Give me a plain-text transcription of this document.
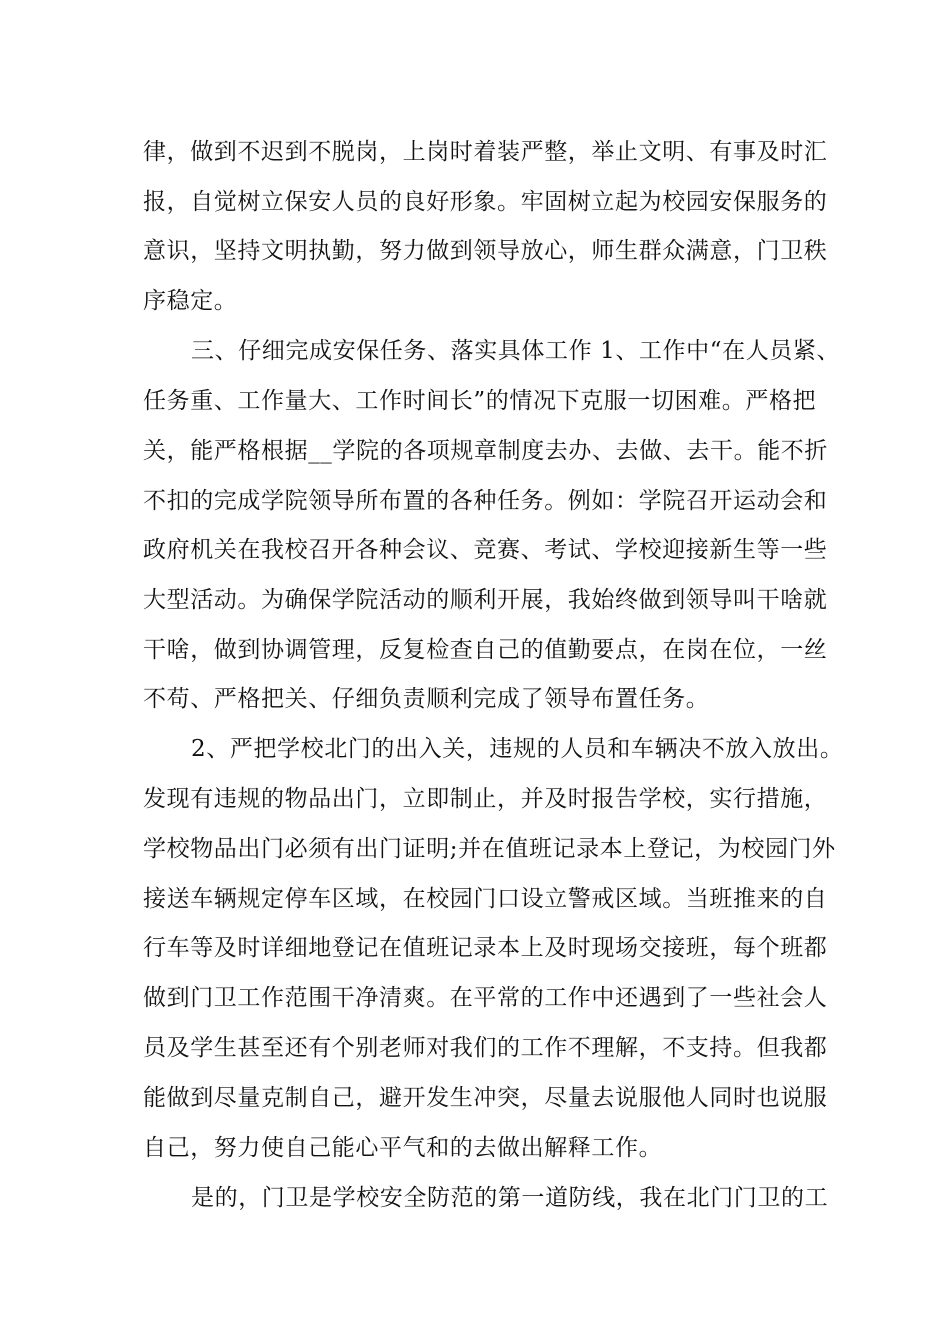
律，做到不迟到不脱岗，上岗时着装严整，举止文明、有事及时汇
报，自觉树立保安人员的良好形象。牢固树立起为校园安保服务的
意识，坚持文明执勤，努力做到领导放心，师生群众满意，门卫秩
序稳定。
三、仔细完成安保任务、落实具体工作 1、工作中“在人员紧、
任务重、工作量大、工作时间长”的情况下克服一切困难。严格把
关，能严格根据__学院的各项规章制度去办、去做、去干。能不折
不扣的完成学院领导所布置的各种任务。例如：学院召开运动会和
政府机关在我校召开各种会议、竞赛、考试、学校迎接新生等一些
大型活动。为确保学院活动的顺利开展，我始终做到领导叫干啥就
干啥，做到协调管理，反复检查自己的值勤要点，在岗在位，一丝
不苟、严格把关、仔细负责顺利完成了领导布置任务。
2、严把学校北门的出入关，违规的人员和车辆决不放入放出。
发现有违规的物品出门，立即制止，并及时报告学校，实行措施，
学校物品出门必须有出门证明;并在值班记录本上登记，为校园门外
接送车辆规定停车区域，在校园门口设立警戒区域。当班推来的自
行车等及时详细地登记在值班记录本上及时现场交接班，每个班都
做到门卫工作范围干净清爽。在平常的工作中还遇到了一些社会人
员及学生甚至还有个别老师对我们的工作不理解，不支持。但我都
能做到尽量克制自己，避开发生冲突，尽量去说服他人同时也说服
自己，努力使自己能心平气和的去做出解释工作。
是的，门卫是学校安全防范的第一道防线，我在北门门卫的工
